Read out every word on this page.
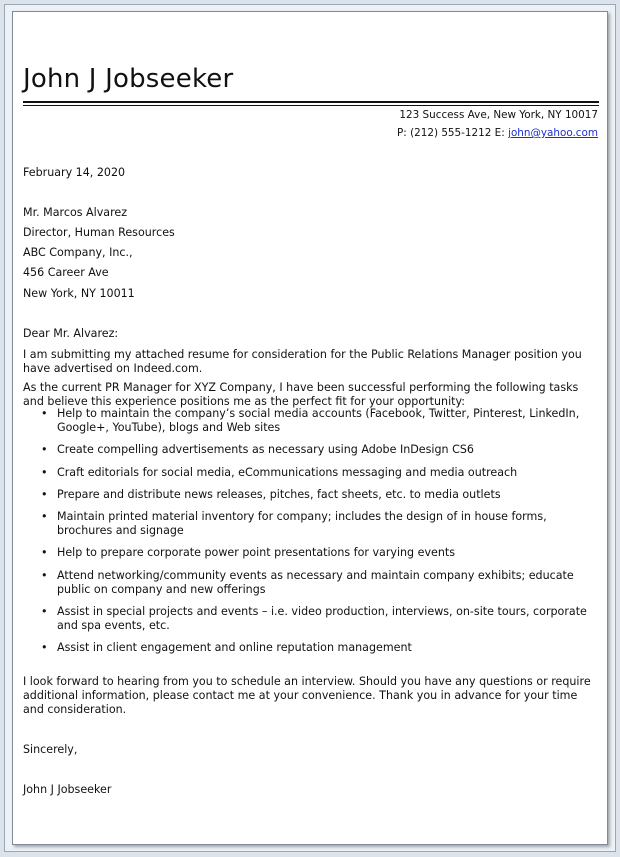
John J Jobseeker
123 Success Ave, New York, NY 10017
P: (212) 555-1212 E: john@yahoo.com
February 14, 2020
Mr. Marcos Alvarez
Director, Human Resources
ABC Company, Inc.,
456 Career Ave
New York, NY 10011
Dear Mr. Alvarez:
I am submitting my attached resume for consideration for the Public Relations Manager position you have advertised on Indeed.com.
As the current PR Manager for XYZ Company, I have been successful performing the following tasks and believe this experience positions me as the perfect fit for your opportunity:
• Help to maintain the company’s social media accounts (Facebook, Twitter, Pinterest, LinkedIn, Google+, YouTube), blogs and Web sites
• Create compelling advertisements as necessary using Adobe InDesign CS6
• Craft editorials for social media, eCommunications messaging and media outreach
• Prepare and distribute news releases, pitches, fact sheets, etc. to media outlets
• Maintain printed material inventory for company; includes the design of in house forms, brochures and signage
• Help to prepare corporate power point presentations for varying events
• Attend networking/community events as necessary and maintain company exhibits; educate public on company and new offerings
• Assist in special projects and events – i.e. video production, interviews, on-site tours, corporate and spa events, etc.
• Assist in client engagement and online reputation management
I look forward to hearing from you to schedule an interview. Should you have any questions or require additional information, please contact me at your convenience. Thank you in advance for your time and consideration.
Sincerely,
John J Jobseeker
